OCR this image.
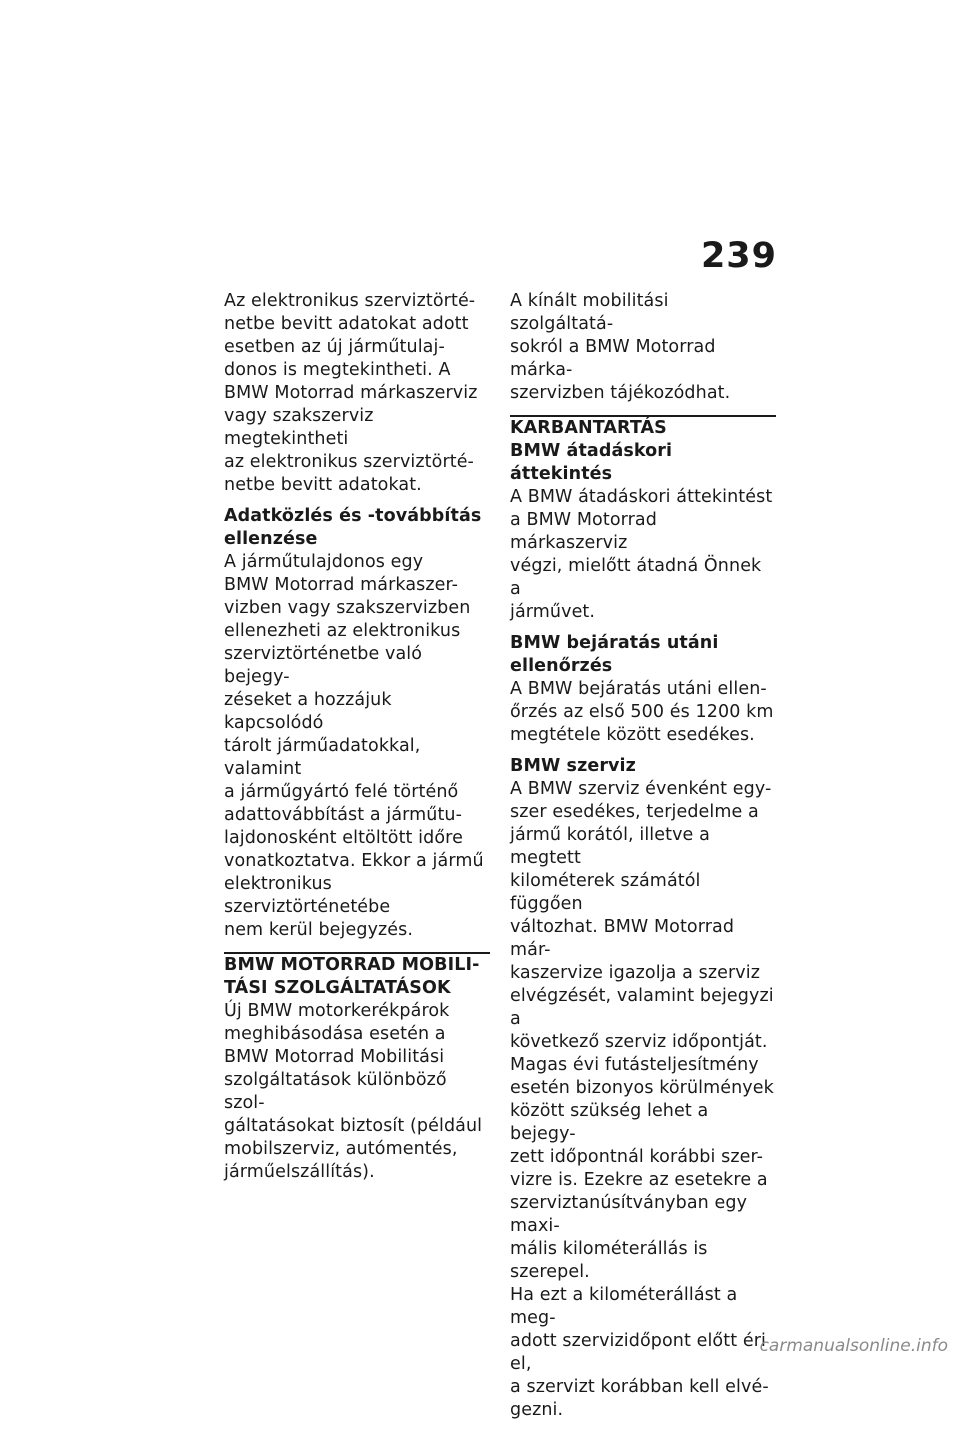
239

Az elektronikus szerviztörté-
netbe bevitt adatokat adott
esetben az új járműtulaj-
donos is megtekintheti. A
BMW Motorrad márkaszerviz
vagy szakszerviz megtekintheti
az elektronikus szerviztörté-
netbe bevitt adatokat.

Adatközlés és -továbbítás
ellenzése

A járműtulajdonos egy
BMW Motorrad márkaszer-
vizben vagy szakszervizben
ellenezheti az elektronikus
szerviztörténetbe való bejegy-
zéseket a hozzájuk kapcsolódó
tárolt járműadatokkal, valamint
a járműgyártó felé történő
adattovábbítást a járműtu-
lajdonosként eltöltött időre
vonatkoztatva. Ekkor a jármű
elektronikus szerviztörténetébe
nem kerül bejegyzés.

BMW MOTORRAD MOBILI-
TÁSI SZOLGÁLTATÁSOK

Új BMW motorkerékpárok
meghibásodása esetén a
BMW Motorrad Mobilitási
szolgáltatások különböző szol-
gáltatásokat biztosít (például
mobilszerviz, autómentés,
járműelszállítás).

A kínált mobilitási szolgáltatá-
sokról a BMW Motorrad márka-
szervizben tájékozódhat.

KARBANTARTÁS

BMW átadáskori áttekintés

A BMW átadáskori áttekintést
a BMW Motorrad márkaszerviz
végzi, mielőtt átadná Önnek a
járművet.

BMW bejáratás utáni
ellenőrzés

A BMW bejáratás utáni ellen-
őrzés az első 500 és 1200 km
megtétele között esedékes.

BMW szerviz

A BMW szerviz évenként egy-
szer esedékes, terjedelme a
jármű korától, illetve a megtett
kilométerek számától függően
változhat. BMW Motorrad már-
kaszervize igazolja a szerviz
elvégzését, valamint bejegyzi a
következő szerviz időpontját.
Magas évi futásteljesítmény
esetén bizonyos körülmények
között szükség lehet a bejegy-
zett időpontnál korábbi szer-
vizre is. Ezekre az esetekre a
szerviztanúsítványban egy maxi-
mális kilométerállás is szerepel.
Ha ezt a kilométerállást a meg-
adott szervizidőpont előtt éri el,
a szervizt korábban kell elvé-
gezni.

carmanualsonline.info
